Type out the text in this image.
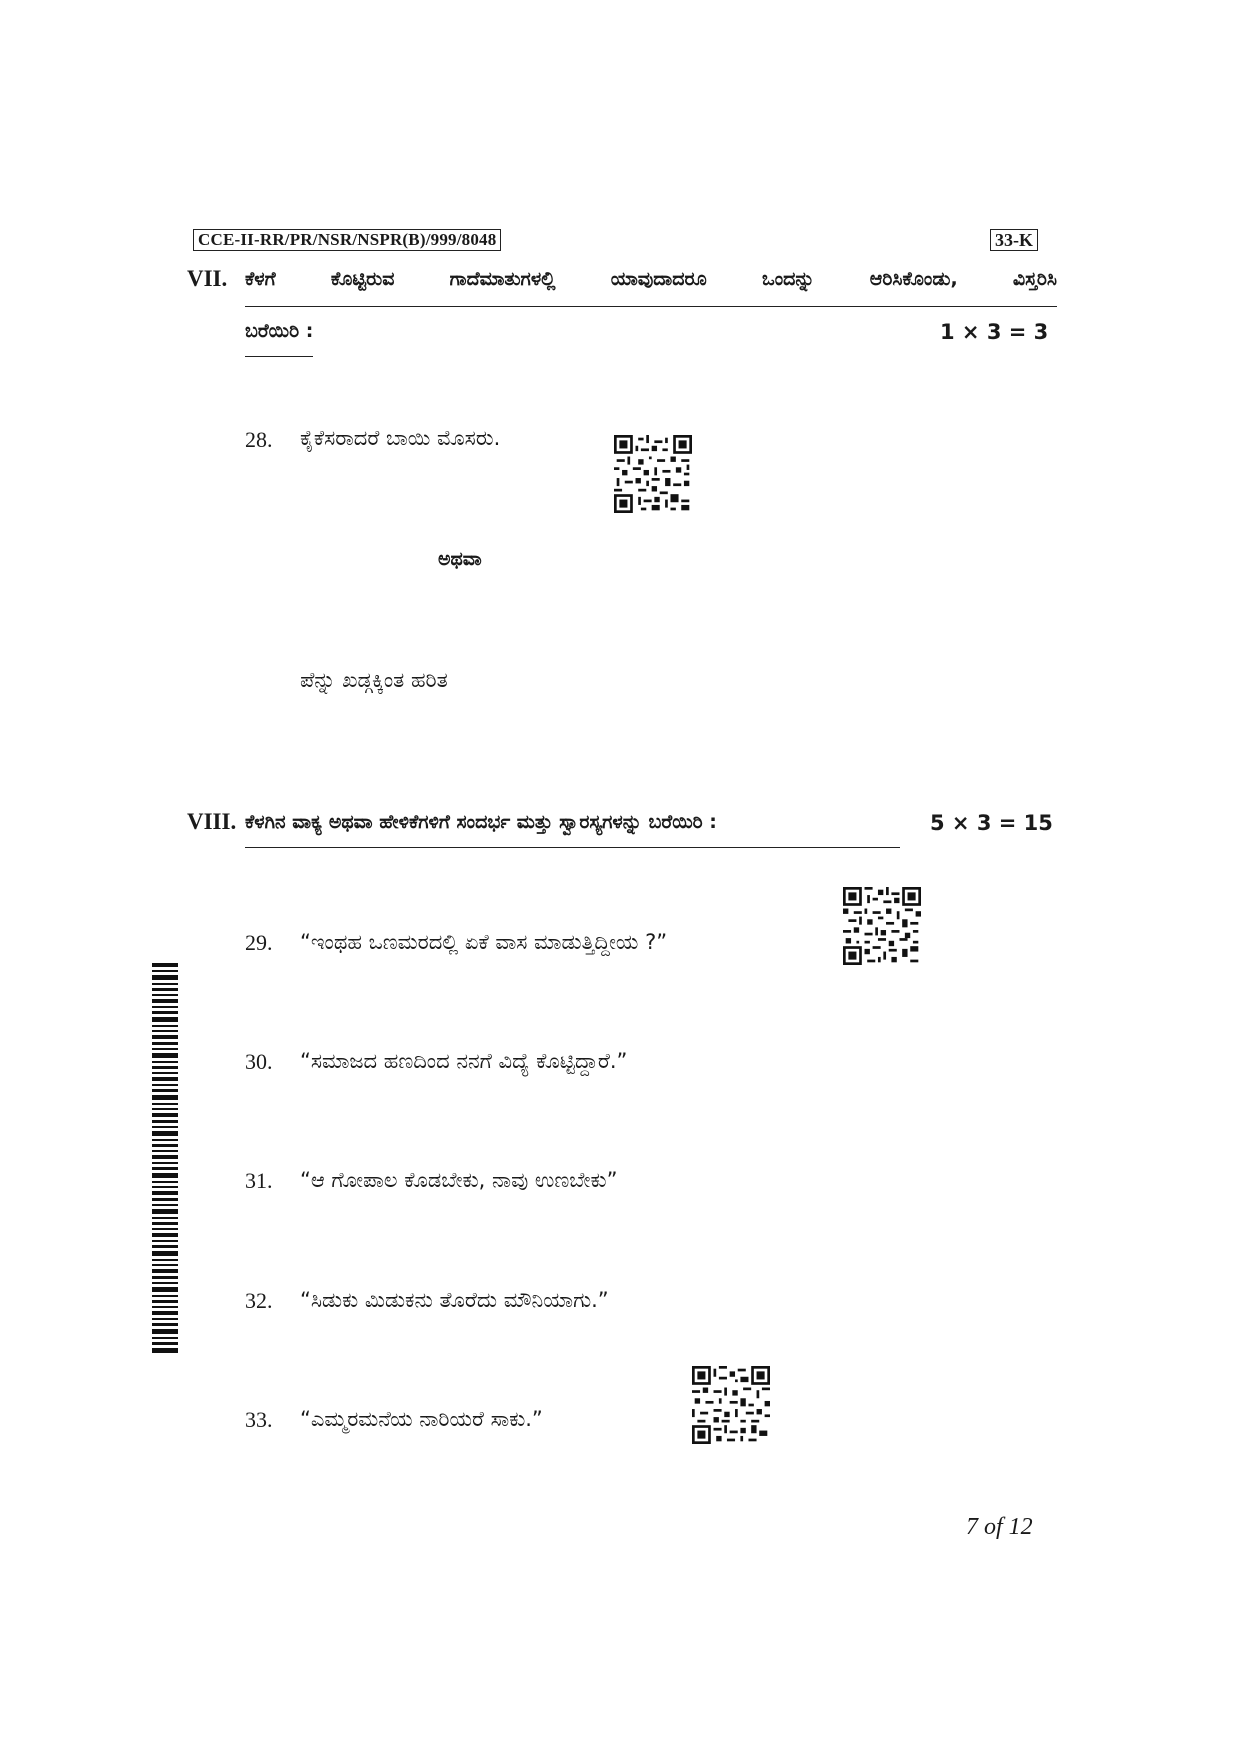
CCE-II-RR/PR/NSR/NSPR(B)/999/8048	33-K
VII. ಕೆಳಗೆ ಕೊಟ್ಟಿರುವ ಗಾದೆಮಾತುಗಳಲ್ಲಿ ಯಾವುದಾದರೂ ಒಂದನ್ನು ಆರಿಸಿಕೊಂಡು, ವಿಸ್ತರಿಸಿ
ಬರೆಯಿರಿ :	1 × 3 = 3
28. ಕೈಕೆಸರಾದರೆ ಬಾಯಿ ಮೊಸರು.
ಅಥವಾ
ಪೆನ್ನು ಖಡ್ಗಕ್ಕಿಂತ ಹರಿತ
VIII. ಕೆಳಗಿನ ವಾಕ್ಯ ಅಥವಾ ಹೇಳಿಕೆಗಳಿಗೆ ಸಂದರ್ಭ ಮತ್ತು ಸ್ವಾರಸ್ಯಗಳನ್ನು ಬರೆಯಿರಿ :	5 × 3 = 15
29. “ಇಂಥಹ ಒಣಮರದಲ್ಲಿ ಏಕೆ ವಾಸ ಮಾಡುತ್ತಿದ್ದೀಯ ?”
30. “ಸಮಾಜದ ಹಣದಿಂದ ನನಗೆ ವಿದ್ಯೆ ಕೊಟ್ಟಿದ್ದಾರೆ.”
31. “ಆ ಗೋಪಾಲ ಕೊಡಬೇಕು, ನಾವು ಉಣಬೇಕು”
32. “ಸಿಡುಕು ಮಿಡುಕನು ತೊರೆದು ಮೌನಿಯಾಗು.”
33. “ಎಮ್ಮರಮನೆಯ ನಾರಿಯರೆ ಸಾಕು.”
7 of 12
